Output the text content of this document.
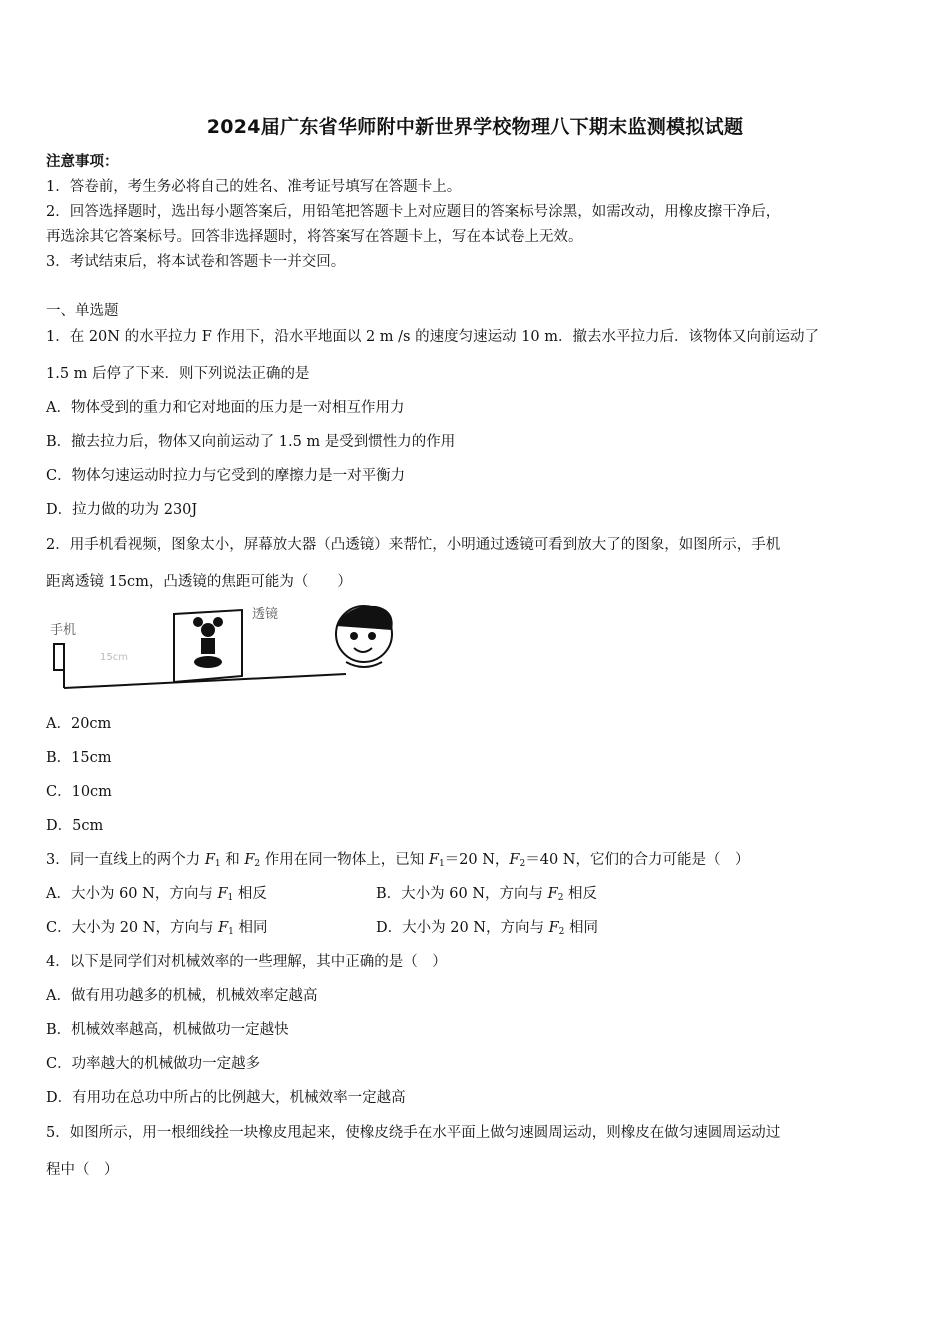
2024届广东省华师附中新世界学校物理八下期末监测模拟试题
注意事项：
1．答卷前，考生务必将自己的姓名、准考证号填写在答题卡上。
2．回答选择题时，选出每小题答案后，用铅笔把答题卡上对应题目的答案标号涂黑，如需改动，用橡皮擦干净后，
再选涂其它答案标号。回答非选择题时，将答案写在答题卡上，写在本试卷上无效。
3．考试结束后，将本试卷和答题卡一并交回。
一、单选题
1．在 20N 的水平拉力 F 作用下，沿水平地面以 2 m /s 的速度匀速运动 10 m．撤去水平拉力后．该物体又向前运动了
1.5 m 后停了下来．则下列说法正确的是
A．物体受到的重力和它对地面的压力是一对相互作用力
B．撤去拉力后，物体又向前运动了 1.5 m 是受到惯性力的作用
C．物体匀速运动时拉力与它受到的摩擦力是一对平衡力
D．拉力做的功为 230J
2．用手机看视频，图象太小，屏幕放大器（凸透镜）来帮忙，小明通过透镜可看到放大了的图象，如图所示，手机
距离透镜 15cm，凸透镜的焦距可能为（　　）
手机
15cm
透镜
A．20cm
B．15cm
C．10cm
D．5cm
3．同一直线上的两个力 $F_1$ 和 $F_2$ 作用在同一物体上，已知 $F_1=20$ N，$F_2=40$ N，它们的合力可能是（　）
A．大小为 60 N，方向与 $F_1$ 相反	B．大小为 60 N，方向与 $F_2$ 相反
C．大小为 20 N，方向与 $F_1$ 相同	D．大小为 20 N，方向与 $F_2$ 相同
4．以下是同学们对机械效率的一些理解，其中正确的是（　）
A．做有用功越多的机械，机械效率定越高
B．机械效率越高，机械做功一定越快
C．功率越大的机械做功一定越多
D．有用功在总功中所占的比例越大，机械效率一定越高
5．如图所示，用一根细线拴一块橡皮甩起来，使橡皮绕手在水平面上做匀速圆周运动，则橡皮在做匀速圆周运动过
程中（　）
